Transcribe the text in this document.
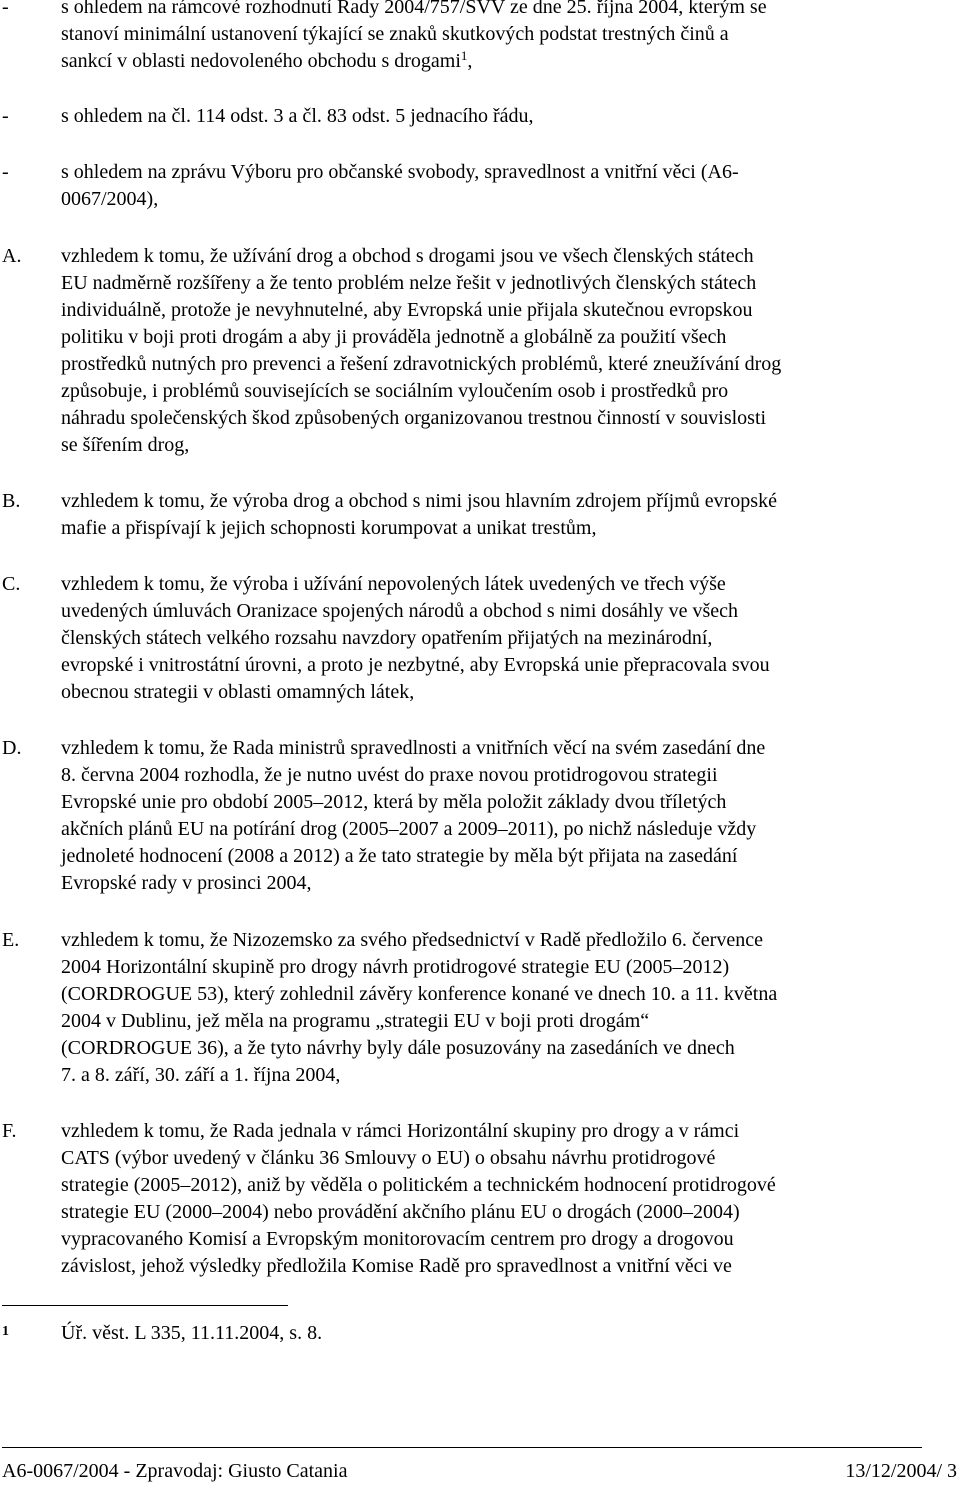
-	s ohledem na rámcové rozhodnutí Rady 2004/757/SVV ze dne 25. října 2004, kterým se
stanoví minimální ustanovení týkající se znaků skutkových podstat trestných činů a
sankcí v oblasti nedovoleného obchodu s drogami$^1$,
-	s ohledem na čl. 114 odst. 3 a čl. 83 odst. 5 jednacího řádu,
-	s ohledem na zprávu Výboru pro občanské svobody, spravedlnost a vnitřní věci (A6-
0067/2004),
A. vzhledem k tomu, že užívání drog a obchod s drogami jsou ve všech členských státech
EU nadměrně rozšířeny a že tento problém nelze řešit v jednotlivých členských státech
individuálně, protože je nevyhnutelné, aby Evropská unie přijala skutečnou evropskou
politiku v boji proti drogám a aby ji prováděla jednotně a globálně za použití všech
prostředků nutných pro prevenci a řešení zdravotnických problémů, které zneužívání drog
způsobuje, i problémů souvisejících se sociálním vyloučením osob i prostředků pro
náhradu společenských škod způsobených organizovanou trestnou činností v souvislosti
se šířením drog,
B. vzhledem k tomu, že výroba drog a obchod s nimi jsou hlavním zdrojem příjmů evropské
mafie a přispívají k jejich schopnosti korumpovat a unikat trestům,
C. vzhledem k tomu, že výroba i užívání nepovolených látek uvedených ve třech výše
uvedených úmluvách Oranizace spojených národů a obchod s nimi dosáhly ve všech
členských státech velkého rozsahu navzdory opatřením přijatých na mezinárodní,
evropské i vnitrostátní úrovni, a proto je nezbytné, aby Evropská unie přepracovala svou
obecnou strategii v oblasti omamných látek,
D. vzhledem k tomu, že Rada ministrů spravedlnosti a vnitřních věcí na svém zasedání dne
8. června 2004 rozhodla, že je nutno uvést do praxe novou protidrogovou strategii
Evropské unie pro období 2005–2012, která by měla položit základy dvou tříletých
akčních plánů EU na potírání drog (2005–2007 a 2009–2011), po nichž následuje vždy
jednoleté hodnocení (2008 a 2012) a že tato strategie by měla být přijata na zasedání
Evropské rady v prosinci 2004,
E. vzhledem k tomu, že Nizozemsko za svého předsednictví v Radě předložilo 6. července
2004 Horizontální skupině pro drogy návrh protidrogové strategie EU (2005–2012)
(CORDROGUE 53), který zohlednil závěry konference konané ve dnech 10. a 11. května
2004 v Dublinu, jež měla na programu „strategii EU v boji proti drogám“
(CORDROGUE 36), a že tyto návrhy byly dále posuzovány na zasedáních ve dnech
7. a 8. září, 30. září a 1. října 2004,
F. vzhledem k tomu, že Rada jednala v rámci Horizontální skupiny pro drogy a v rámci
CATS (výbor uvedený v článku 36 Smlouvy o EU) o obsahu návrhu protidrogové
strategie (2005–2012), aniž by věděla o politickém a technickém hodnocení protidrogové
strategie EU (2000–2004) nebo provádění akčního plánu EU o drogách (2000–2004)
vypracovaného Komisí a Evropským monitorovacím centrem pro drogy a drogovou
závislost, jehož výsledky předložila Komise Radě pro spravedlnost a vnitřní věci ve
1	Úř. věst. L 335, 11.11.2004, s. 8.
A6-0067/2004 - Zpravodaj: Giusto Catania	13/12/2004/ 3
